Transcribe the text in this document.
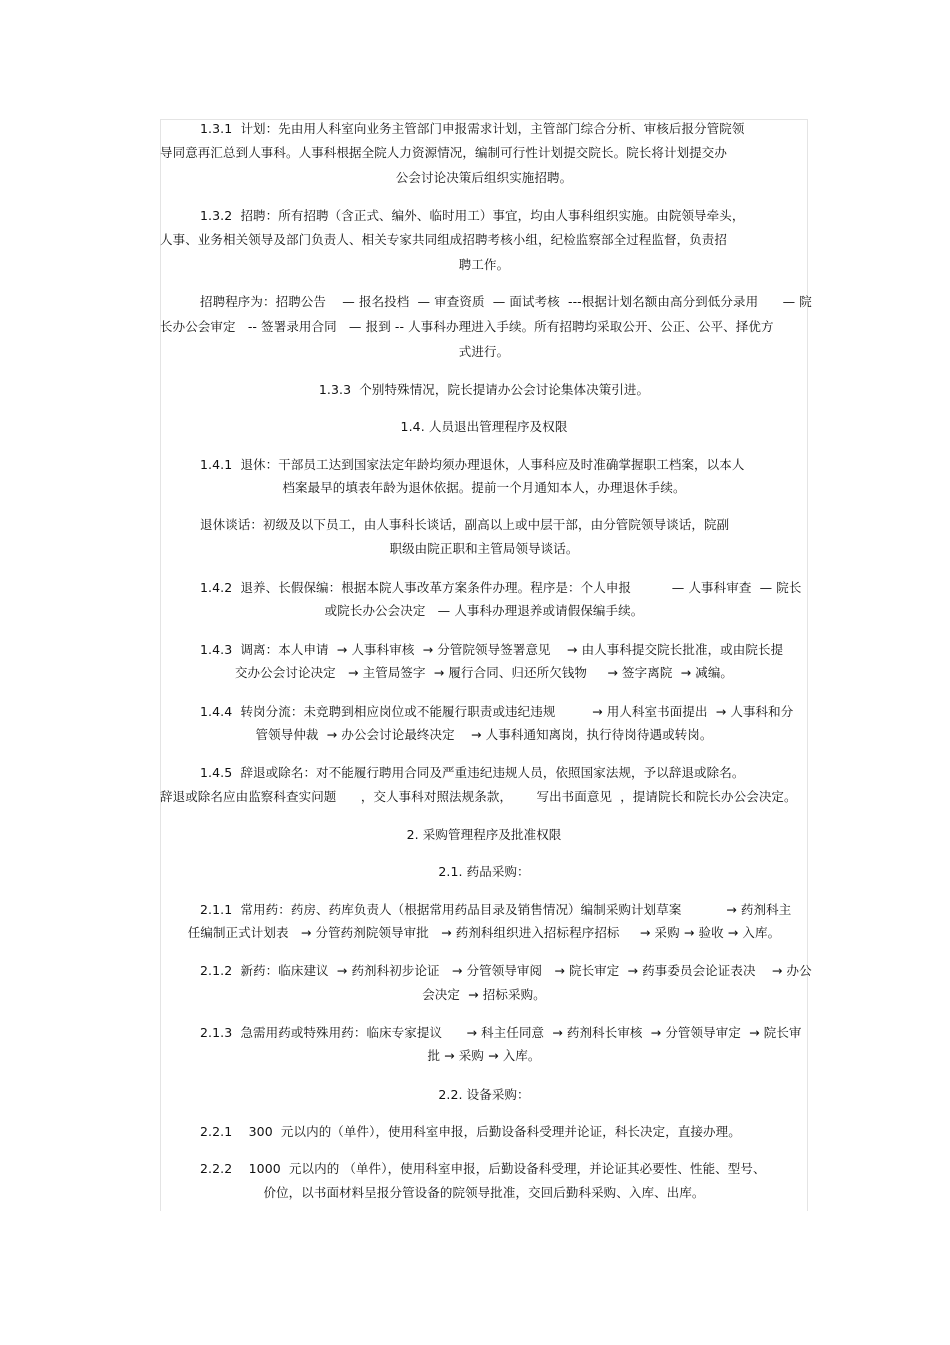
1.3.1  计划：先由用人科室向业务主管部门申报需求计划，主管部门综合分析、审核后报分管院领
导同意再汇总到人事科。人事科根据全院人力资源情况，编制可行性计划提交院长。院长将计划提交办
公会讨论决策后组织实施招聘。
1.3.2  招聘：所有招聘（含正式、编外、临时用工）事宜，均由人事科组织实施。由院领导牵头，
人事、业务相关领导及部门负责人、相关专家共同组成招聘考核小组，纪检监察部全过程监督，负责招
聘工作。
招聘程序为：招聘公告    — 报名投档  — 审查资质  — 面试考核  ---根据计划名额由高分到低分录用      — 院
长办公会审定   -- 签署录用合同   — 报到 -- 人事科办理进入手续。所有招聘均采取公开、公正、公平、择优方
式进行。
1.3.3  个别特殊情况，院长提请办公会讨论集体决策引进。
1.4. 人员退出管理程序及权限
1.4.1  退休：干部员工达到国家法定年龄均须办理退休，人事科应及时准确掌握职工档案，以本人
档案最早的填表年龄为退休依据。提前一个月通知本人，办理退休手续。
退休谈话：初级及以下员工，由人事科长谈话，副高以上或中层干部，由分管院领导谈话，院副
职级由院正职和主管局领导谈话。
1.4.2  退养、长假保编：根据本院人事改革方案条件办理。程序是：个人申报          — 人事科审查  — 院长
或院长办公会决定   — 人事科办理退养或请假保编手续。
1.4.3  调离：本人申请  → 人事科审核  → 分管院领导签署意见    → 由人事科提交院长批准，或由院长提
交办公会讨论决定   → 主管局签字  → 履行合同、归还所欠钱物     → 签字离院  → 减编。
1.4.4  转岗分流：未竞聘到相应岗位或不能履行职责或违纪违规         → 用人科室书面提出  → 人事科和分
管领导仲裁  → 办公会讨论最终决定    → 人事科通知离岗，执行待岗待遇或转岗。
1.4.5  辞退或除名：对不能履行聘用合同及严重违纪违规人员，依照国家法规，予以辞退或除名。
辞退或除名应由监察科查实问题      ，交人事科对照法规条款，      写出书面意见  ，提请院长和院长办公会决定。
2. 采购管理程序及批准权限
2.1. 药品采购：
2.1.1  常用药：药房、药库负责人（根据常用药品目录及销售情况）编制采购计划草案           → 药剂科主
任编制正式计划表   → 分管药剂院领导审批   → 药剂科组织进入招标程序招标     → 采购 → 验收 → 入库。
2.1.2  新药：临床建议  → 药剂科初步论证   → 分管领导审阅   → 院长审定  → 药事委员会论证表决    → 办公
会决定  → 招标采购。
2.1.3  急需用药或特殊用药：临床专家提议      → 科主任同意  → 药剂科长审核  → 分管领导审定  → 院长审
批 → 采购 → 入库。
2.2. 设备采购：
2.2.1    300  元以内的（单件），使用科室申报，后勤设备科受理并论证，科长决定，直接办理。
2.2.2    1000  元以内的 （单件），使用科室申报，后勤设备科受理，并论证其必要性、性能、型号、
价位，以书面材料呈报分管设备的院领导批准，交回后勤科采购、入库、出库。
